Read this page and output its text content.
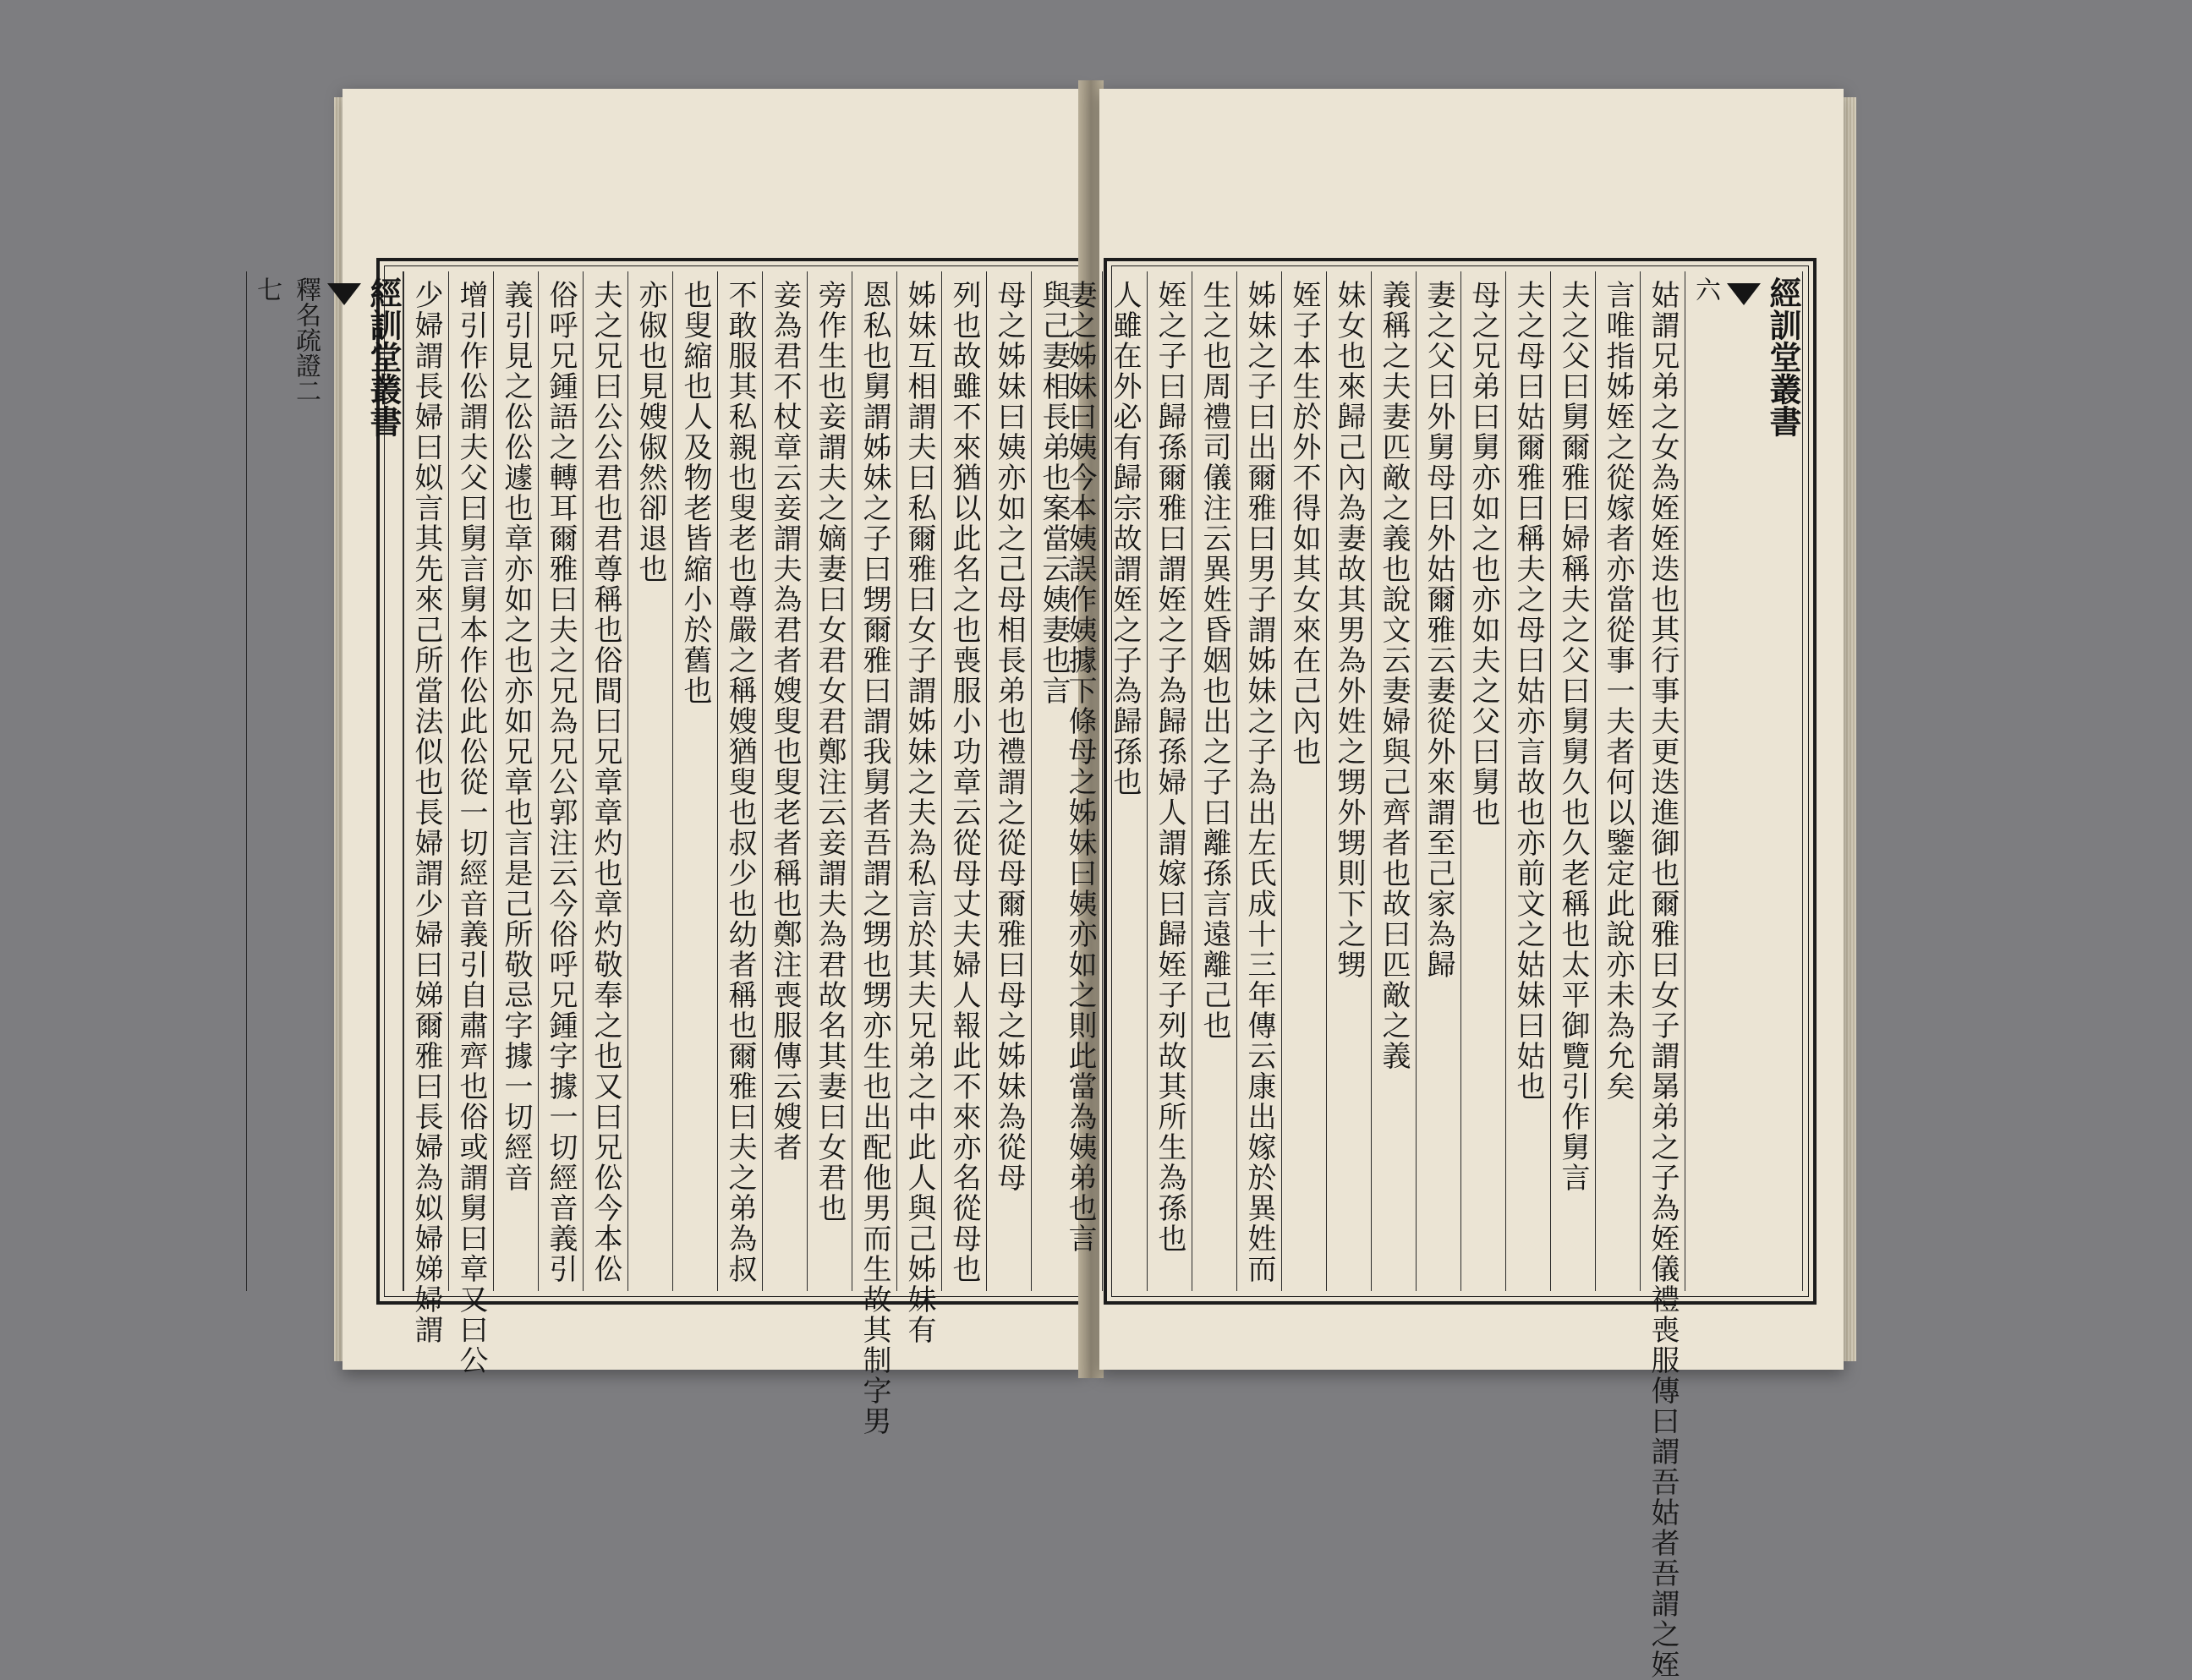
與己妻相長弟也案當云姨妻也言
母之姊妹曰姨亦如之己母相長弟也禮謂之從母爾雅曰母之姊妹為從母
列也故雖不來猶以此名之也喪服小功章云從母丈夫婦人報此不來亦名從母也
姊妹互相謂夫曰私爾雅曰女子謂姊妹之夫為私言於其夫兄弟之中此人與己姊妹有
恩私也舅謂姊妹之子曰甥爾雅曰謂我舅者吾謂之甥也甥亦生也出配他男而生故其制字男
旁作生也妾謂夫之嫡妻曰女君女君鄭注云妾謂夫為君故名其妻曰女君也
妾為君不杖章云妾謂夫為君者嫂叟也叟老者稱也鄭注喪服傳云嫂者
不敢服其私親也叟老也尊嚴之稱嫂猶叟也叔少也幼者稱也爾雅曰夫之弟為叔
也叟縮也人及物老皆縮小於舊也
亦俶也見嫂俶然卻退也
夫之兄曰公公君也君尊稱也俗間曰兄章章灼也章灼敬奉之也又曰兄伀今本伀
俗呼兄鍾語之轉耳爾雅曰夫之兄為兄公郭注云今俗呼兄鍾字據一切經音義引
義引見之伀伀遽也章亦如之也亦如兄章也言是己所敬忌字據一切經音
增引作伀謂夫父曰舅言舅本作伀此伀從一切經音義引自肅齊也俗或謂舅曰章又曰公
少婦謂長婦曰姒言其先來己所當法似也長婦謂少婦曰娣爾雅曰長婦為姒婦娣婦謂
經訓堂叢書
釋名疏證二
七	經訓堂叢書
六
姑謂兄弟之女為姪姪迭也其行事夫更迭進御也爾雅曰女子謂晜弟之子為姪儀禮喪服傳曰謂吾姑者吾謂之姪
言唯指姊姪之從嫁者亦當從事一夫者何以鑒定此說亦未為允矣
夫之父曰舅爾雅曰婦稱夫之父曰舅舅久也久老稱也太平御覽引作舅言
夫之母曰姑爾雅曰稱夫之母曰姑亦言故也亦前文之姑妹曰姑也
母之兄弟曰舅亦如之也亦如夫之父曰舅也
妻之父曰外舅母曰外姑爾雅云妻從外來謂至己家為歸
義稱之夫妻匹敵之義也說文云妻婦與己齊者也故曰匹敵之義
妹女也來歸己內為妻故其男為外姓之甥外甥則下之甥
姪子本生於外不得如其女來在己內也
姊妹之子曰出爾雅曰男子謂姊妹之子為出左氏成十三年傳云康出嫁於異姓而
生之也周禮司儀注云異姓昏姻也出之子曰離孫言遠離己也
姪之子曰歸孫爾雅曰謂姪之子為歸孫婦人謂嫁曰歸姪子列故其所生為孫也
人雖在外必有歸宗故謂姪之子為歸孫也
妻之姊妹曰姨今本姨誤作姨據下條母之姊妹曰姨亦如之則此當為姨弟也言
